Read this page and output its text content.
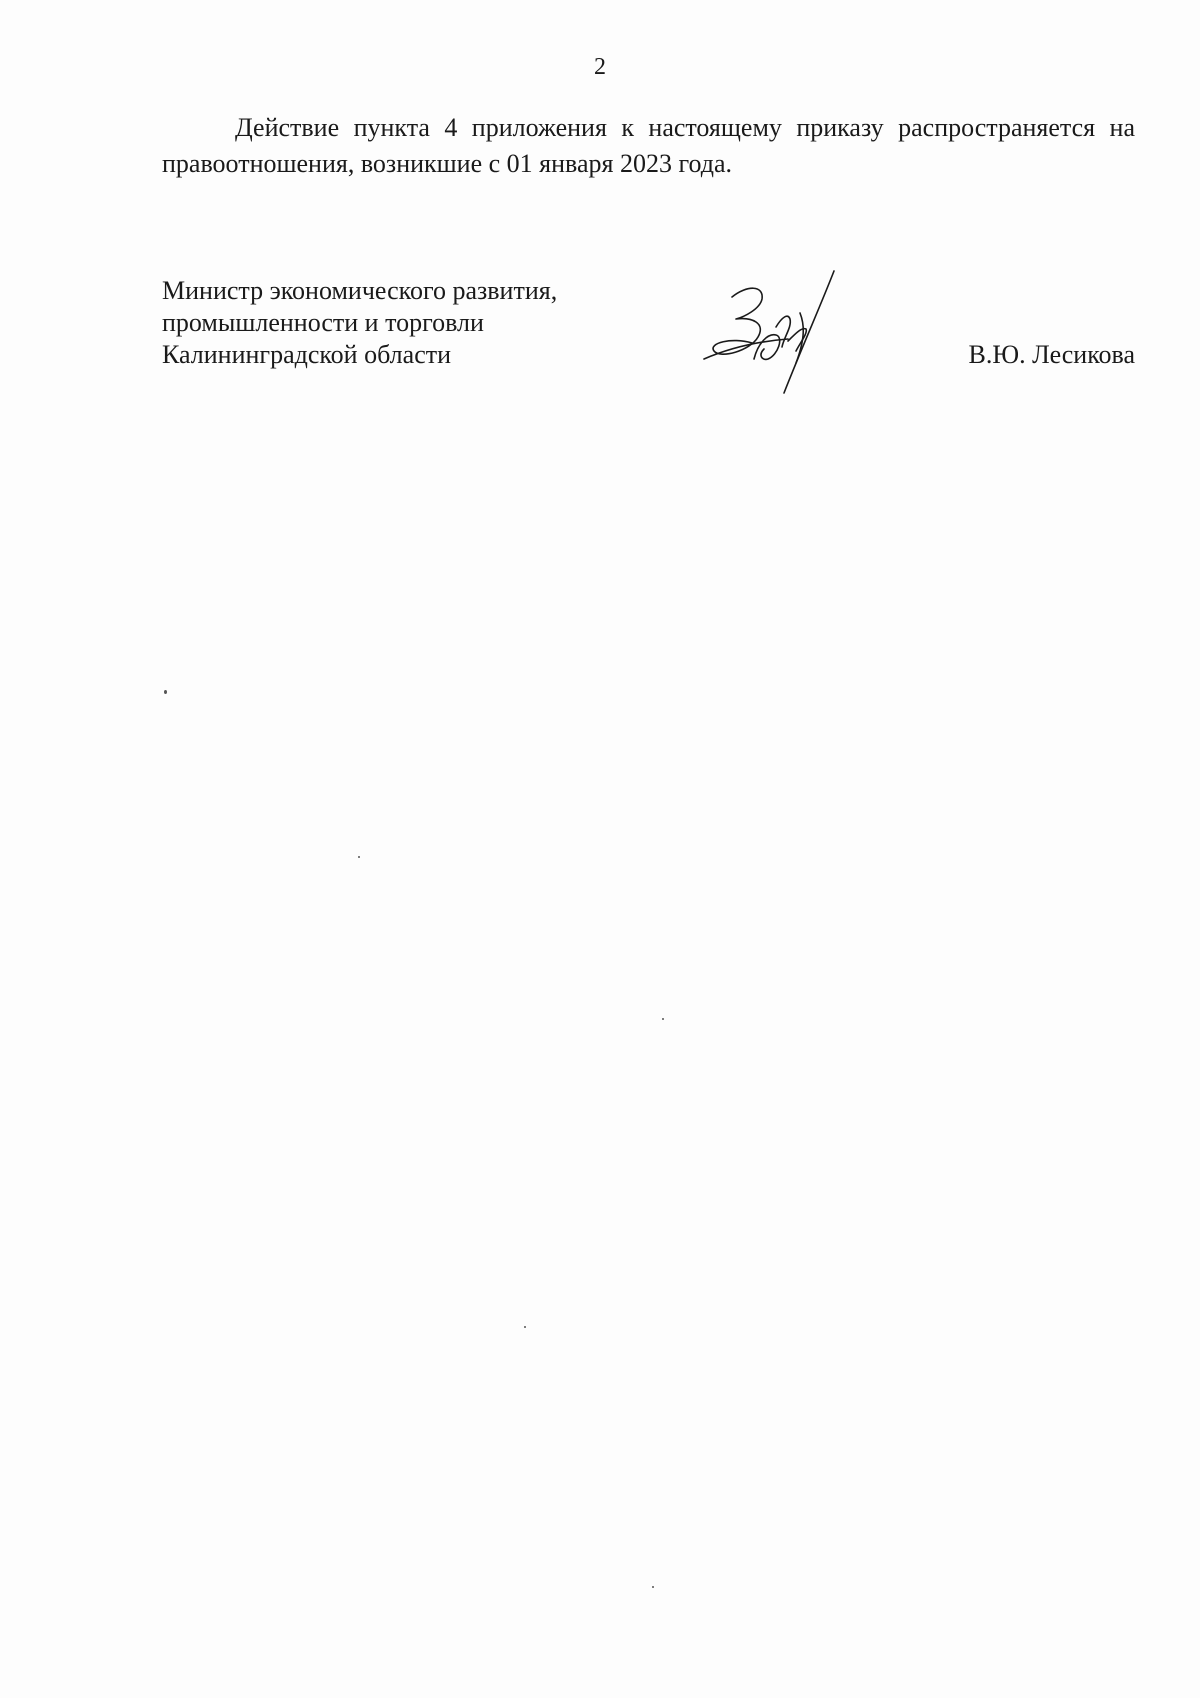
2

Действие пункта 4 приложения к настоящему приказу распространяется на правоотношения, возникшие с 01 января 2023 года.

Министр экономического развития,
промышленности и торговли
Калининградской области	В.Ю. Лесикова
